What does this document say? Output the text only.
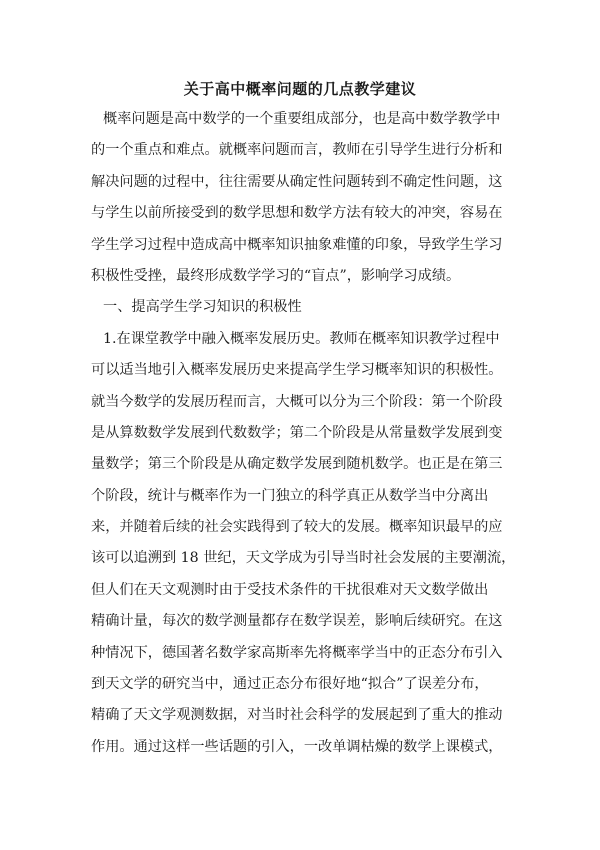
关于高中概率问题的几点教学建议
概率问题是高中数学的一个重要组成部分，也是高中数学教学中
的一个重点和难点。就概率问题而言，教师在引导学生进行分析和
解决问题的过程中，往往需要从确定性问题转到不确定性问题，这
与学生以前所接受到的数学思想和数学方法有较大的冲突，容易在
学生学习过程中造成高中概率知识抽象难懂的印象，导致学生学习
积极性受挫，最终形成数学学习的“盲点”，影响学习成绩。
一、提高学生学习知识的积极性
1.在课堂教学中融入概率发展历史。教师在概率知识教学过程中
可以适当地引入概率发展历史来提高学生学习概率知识的积极性。
就当今数学的发展历程而言，大概可以分为三个阶段：第一个阶段
是从算数数学发展到代数数学；第二个阶段是从常量数学发展到变
量数学；第三个阶段是从确定数学发展到随机数学。也正是在第三
个阶段，统计与概率作为一门独立的科学真正从数学当中分离出
来，并随着后续的社会实践得到了较大的发展。概率知识最早的应
该可以追溯到 18 世纪，天文学成为引导当时社会发展的主要潮流，
但人们在天文观测时由于受技术条件的干扰很难对天文数学做出
精确计量，每次的数学测量都存在数学误差，影响后续研究。在这
种情况下，德国著名数学家高斯率先将概率学当中的正态分布引入
到天文学的研究当中，通过正态分布很好地“拟合”了误差分布，
精确了天文学观测数据，对当时社会科学的发展起到了重大的推动
作用。通过这样一些话题的引入，一改单调枯燥的数学上课模式，
